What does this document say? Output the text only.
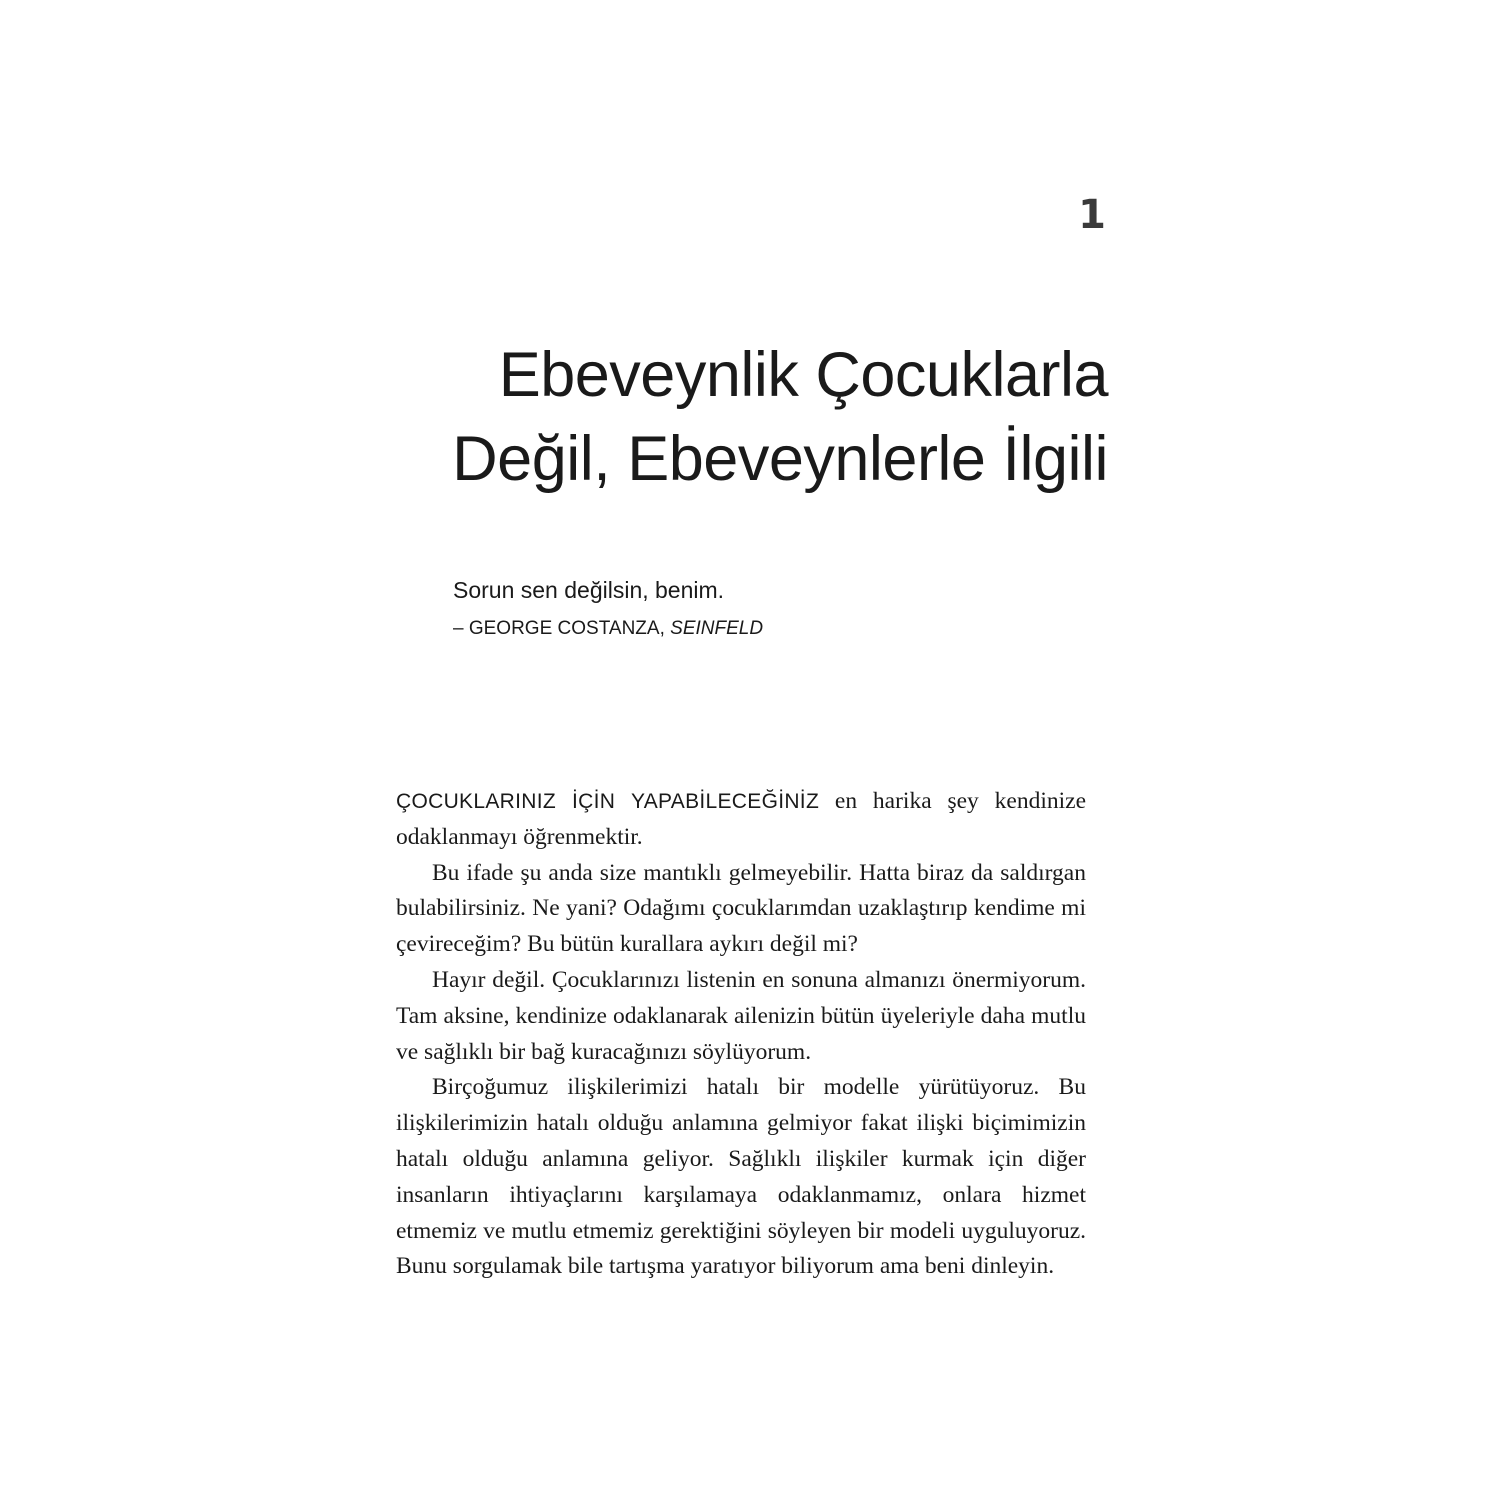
1
Ebeveynlik Çocuklarla
Değil, Ebeveynlerle İlgili

Sorun sen değilsin, benim.

– GEORGE COSTANZA, SEINFELD

ÇOCUKLARINIZ İÇİN YAPABİLECEĞİNİZ en harika şey kendinize odaklanmayı öğrenmektir.

Bu ifade şu anda size mantıklı gelmeyebilir. Hatta biraz da saldırgan bulabilirsiniz. Ne yani? Odağımı çocuklarımdan uzaklaştırıp kendime mi çevireceğim? Bu bütün kurallara aykırı değil mi?

Hayır değil. Çocuklarınızı listenin en sonuna almanızı önermiyorum. Tam aksine, kendinize odaklanarak ailenizin bütün üyeleriyle daha mutlu ve sağlıklı bir bağ kuracağınızı söylüyorum.

Birçoğumuz ilişkilerimizi hatalı bir modelle yürütüyoruz. Bu ilişkilerimizin hatalı olduğu anlamına gelmiyor fakat ilişki biçimimizin hatalı olduğu anlamına geliyor. Sağlıklı ilişkiler kurmak için diğer insanların ihtiyaçlarını karşılamaya odaklanmamız, onlara hizmet etmemiz ve mutlu etmemiz gerektiğini söyleyen bir modeli uyguluyoruz. Bunu sorgulamak bile tartışma yaratıyor biliyorum ama beni dinleyin.
